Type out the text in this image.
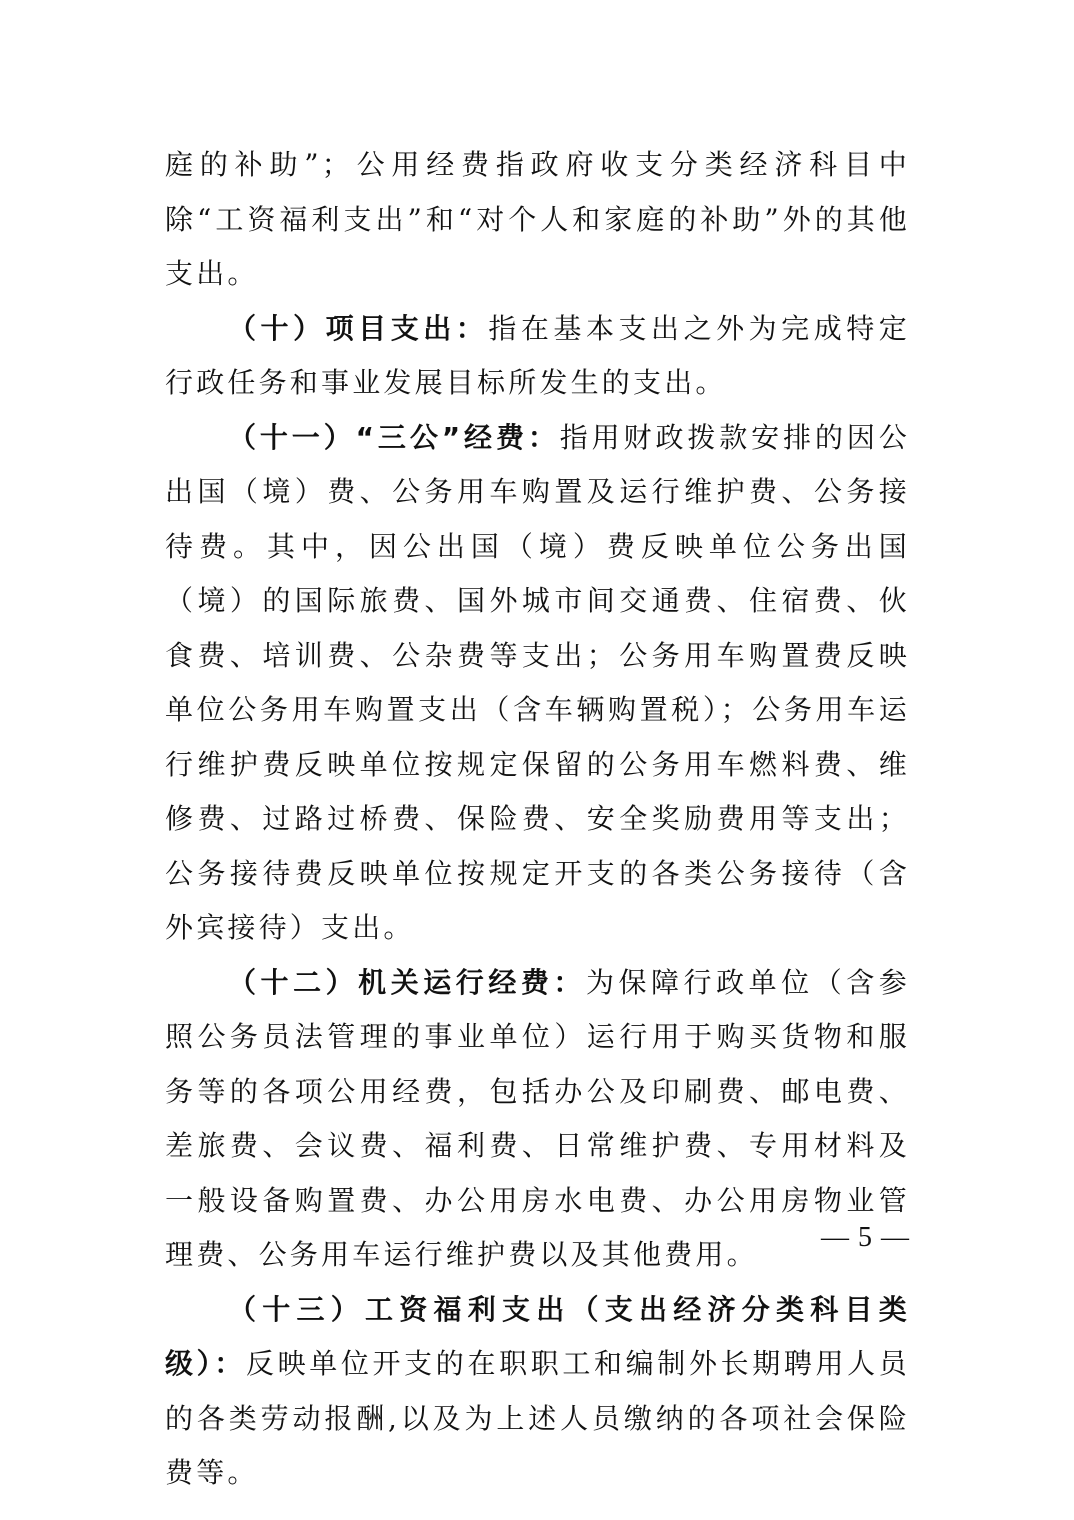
庭的补助”；公用经费指政府收支分类经济科目中除“工资福利支出”和“对个人和家庭的补助”外的其他支出。

（十）项目支出：指在基本支出之外为完成特定行政任务和事业发展目标所发生的支出。

（十一）“三公”经费：指用财政拨款安排的因公出国（境）费、公务用车购置及运行维护费、公务接待费。其中，因公出国（境）费反映单位公务出国（境）的国际旅费、国外城市间交通费、住宿费、伙食费、培训费、公杂费等支出；公务用车购置费反映单位公务用车购置支出（含车辆购置税）；公务用车运行维护费反映单位按规定保留的公务用车燃料费、维修费、过路过桥费、保险费、安全奖励费用等支出；公务接待费反映单位按规定开支的各类公务接待（含外宾接待）支出。

（十二）机关运行经费：为保障行政单位（含参照公务员法管理的事业单位）运行用于购买货物和服务等的各项公用经费，包括办公及印刷费、邮电费、差旅费、会议费、福利费、日常维护费、专用材料及一般设备购置费、办公用房水电费、办公用房物业管理费、公务用车运行维护费以及其他费用。

（十三）工资福利支出（支出经济分类科目类级）：反映单位开支的在职职工和编制外长期聘用人员的各类劳动报酬,以及为上述人员缴纳的各项社会保险费等。

— 5 —
